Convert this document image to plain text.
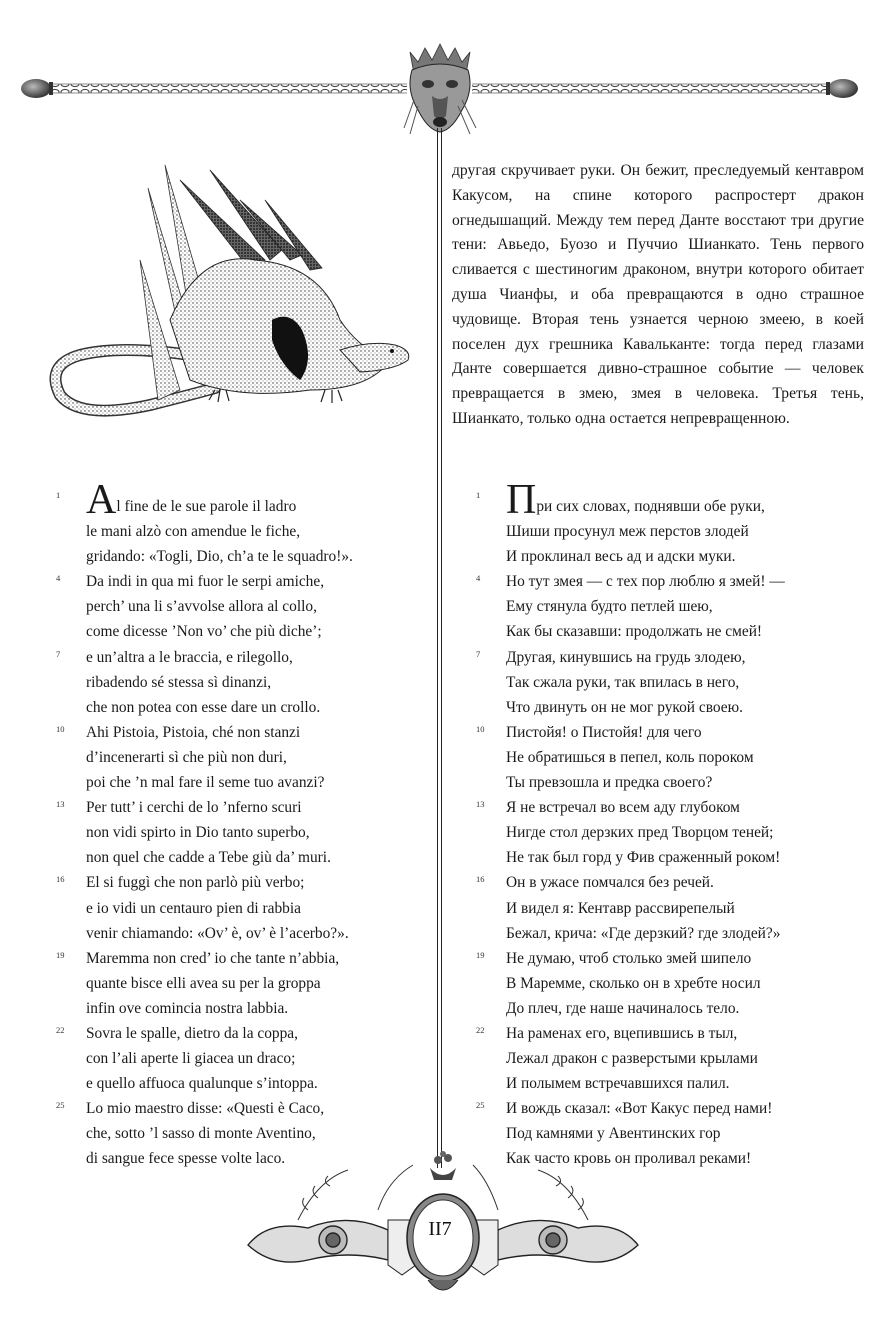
другая скручивает руки. Он бежит, преследуемый кентавром Какусом, на спине которого распростерт дракон огнедышащий. Между тем перед Данте восстают три другие тени: Авьедо, Буозо и Пуччио Шианкато. Тень первого сливается с шестиногим драконом, внутри которого обитает душа Чианфы, и оба превращаются в одно страшное чудовище. Вторая тень узнается черною змеею, в коей поселен дух грешника Кавальканте: тогда перед глазами Данте совершается дивно-страшное событие — человек превращается в змею, змея в человека. Третья тень, Шианкато, только одна остается непревращенною.

1 Al fine de le sue parole il ladro
le mani alzò con amendue le fiche,
gridando: «Togli, Dio, ch’a te le squadro!».
4	Da indi in qua mi fuor le serpi amiche,
perch’ una li s’avvolse allora al collo,
come dicesse ’Non vo’ che più diche’;
7	e un’altra a le braccia, e rilegollo,
ribadendo sé stessa sì dinanzi,
che non potea con esse dare un crollo.
10	Ahi Pistoia, Pistoia, ché non stanzi
d’incenerarti sì che più non duri,
poi che ’n mal fare il seme tuo avanzi?
13	Per tutt’ i cerchi de lo ’nferno scuri
non vidi spirto in Dio tanto superbo,
non quel che cadde a Tebe giù da’ muri.
16	El si fuggì che non parlò più verbo;
e io vidi un centauro pien di rabbia
venir chiamando: «Ov’ è, ov’ è l’acerbo?».
19	Maremma non cred’ io che tante n’abbia,
quante bisce elli avea su per la groppa
infin ove comincia nostra labbia.
22	Sovra le spalle, dietro da la coppa,
con l’ali aperte li giacea un draco;
e quello affuoca qualunque s’intoppa.
25	Lo mio maestro disse: «Questi è Caco,
che, sotto ’l sasso di monte Aventino,
di sangue fece spesse volte laco.
1 При сих словах, поднявши обе руки,
Шиши просунул меж перстов злодей
И проклинал весь ад и адски муки.
4	Но тут змея — с тех пор люблю я змей! —
Ему стянула будто петлей шею,
Как бы сказавши: продолжать не смей!
7	Другая, кинувшись на грудь злодею,
Так сжала руки, так впилась в него,
Что двинуть он не мог рукой своею.
10	Пистойя! о Пистойя! для чего
Не обратишься в пепел, коль пороком
Ты превзошла и предка своего?
13	Я не встречал во всем аду глубоком
Нигде стол дерзких пред Творцом теней;
Не так был горд у Фив сраженный роком!
16	Он в ужасе помчался без речей.
И видел я: Кентавр рассвирепелый
Бежал, крича: «Где дерзкий? где злодей?»
19	Не думаю, чтоб столько змей шипело
В Маремме, сколько он в хребте носил
До плеч, где наше начиналось тело.
22	На раменах его, вцепившись в тыл,
Лежал дракон с разверстыми крылами
И полымем встречавшихся палил.
25	И вождь сказал: «Вот Какус перед нами!
Под камнями у Авентинских гор
Как часто кровь он проливал реками!
II7
